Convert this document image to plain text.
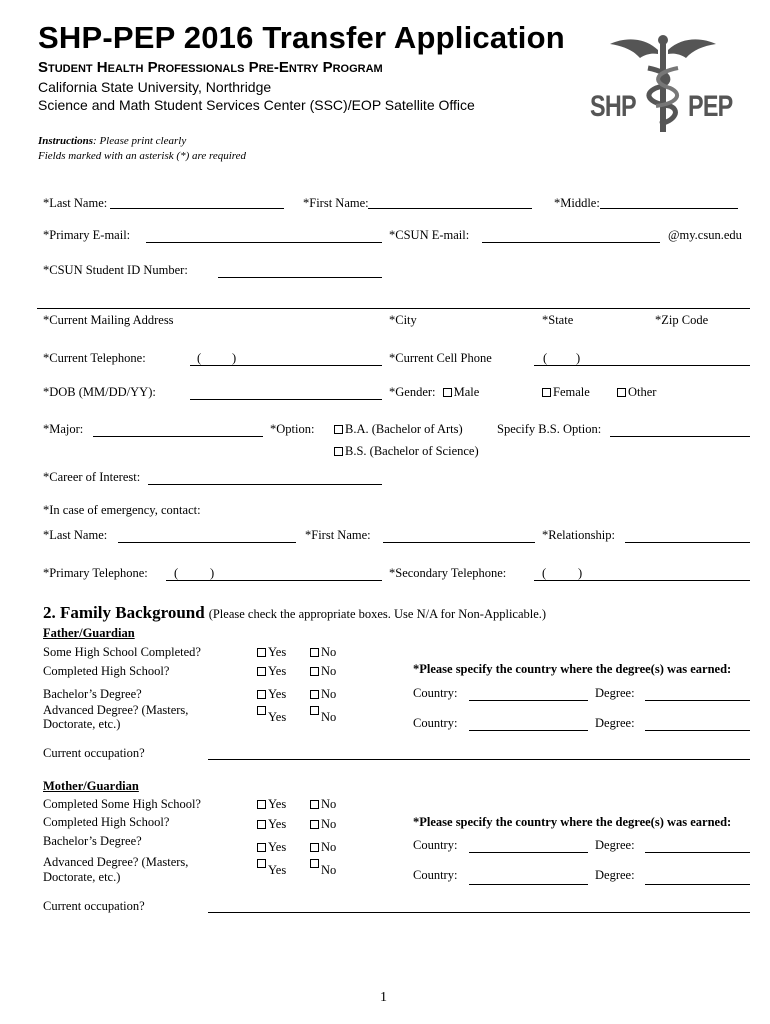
SHP-PEP 2016 Transfer Application
Student Health Professionals Pre-Entry Program
California State University, Northridge
Science and Math Student Services Center (SSC)/EOP Satellite Office	SHP PEP
Instructions: Please print clearly
Fields marked with an asterisk (*) are required
*Last Name:	*First Name:	*Middle:
*Primary E-mail:	*CSUN E-mail:	@my.csun.edu
*CSUN Student ID Number:
*Current Mailing Address	*City	*State	*Zip Code
*Current Telephone:	( )	*Current Cell Phone	( )
*DOB (MM/DD/YY):	*Gender: Male	Female	Other
*Major:	*Option:	B.A. (Bachelor of Arts)	Specify B.S. Option:
B.S. (Bachelor of Science)
*Career of Interest:
*In case of emergency, contact:
*Last Name:	*First Name:	*Relationship:
*Primary Telephone: (	)	*Secondary Telephone:	(	)
2. Family Background (Please check the appropriate boxes. Use N/A for Non-Applicable.)
Father/Guardian
Some High School Completed?	Yes	No
Completed High School?	Yes	No	*Please specify the country where the degree(s) was earned:
Bachelor’s Degree?	Yes	No	Country:	Degree:
Advanced Degree? (Masters,
Doctorate, etc.)	Yes	No	Country:	Degree:
Current occupation?
Mother/Guardian
Completed Some High School?	Yes	No
Completed High School?	Yes	No	*Please specify the country where the degree(s) was earned:
Bachelor’s Degree?	Yes	No	Country:	Degree:
Advanced Degree? (Masters,
Doctorate, etc.)	Yes	No	Country:	Degree:
Current occupation?
1
